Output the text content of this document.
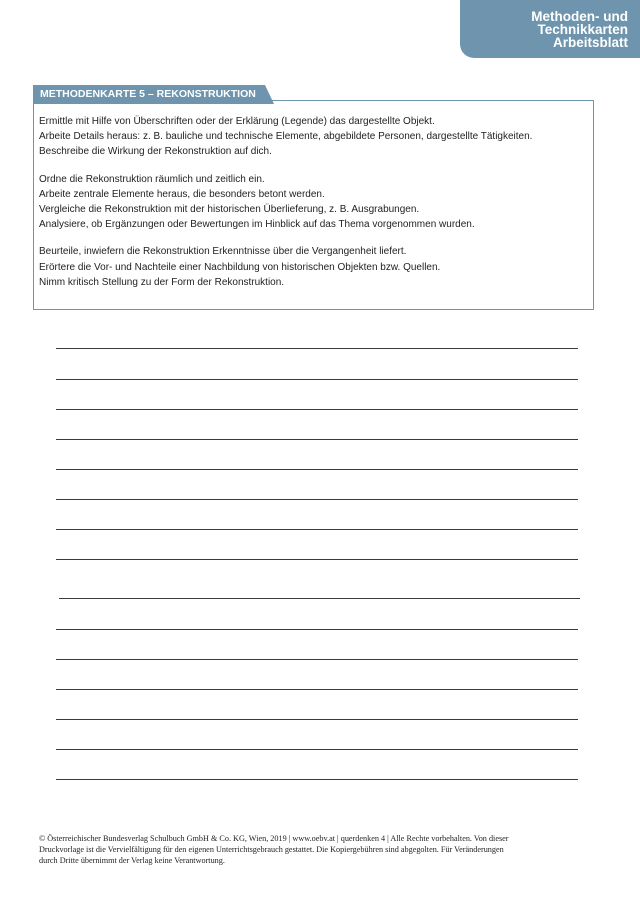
Methoden- und
Technikkarten
Arbeitsblatt
METHODENKARTE 5 – REKONSTRUKTION

Ermittle mit Hilfe von Überschriften oder der Erklärung (Legende) das dargestellte Objekt.
Arbeite Details heraus: z. B. bauliche und technische Elemente, abgebildete Personen, dargestellte Tätigkeiten.
Beschreibe die Wirkung der Rekonstruktion auf dich.

Ordne die Rekonstruktion räumlich und zeitlich ein.
Arbeite zentrale Elemente heraus, die besonders betont werden.
Vergleiche die Rekonstruktion mit der historischen Überlieferung, z. B. Ausgrabungen.
Analysiere, ob Ergänzungen oder Bewertungen im Hinblick auf das Thema vorgenommen wurden.

Beurteile, inwiefern die Rekonstruktion Erkenntnisse über die Vergangenheit liefert.
Erörtere die Vor- und Nachteile einer Nachbildung von historischen Objekten bzw. Quellen.
Nimm kritisch Stellung zu der Form der Rekonstruktion.

© Österreichischer Bundesverlag Schulbuch GmbH & Co. KG, Wien, 2019 | www.oebv.at | querdenken 4 | Alle Rechte vorbehalten. Von dieser
Druckvorlage ist die Vervielfältigung für den eigenen Unterrichtsgebrauch gestattet. Die Kopiergebühren sind abgegolten. Für Veränderungen
durch Dritte übernimmt der Verlag keine Verantwortung.
